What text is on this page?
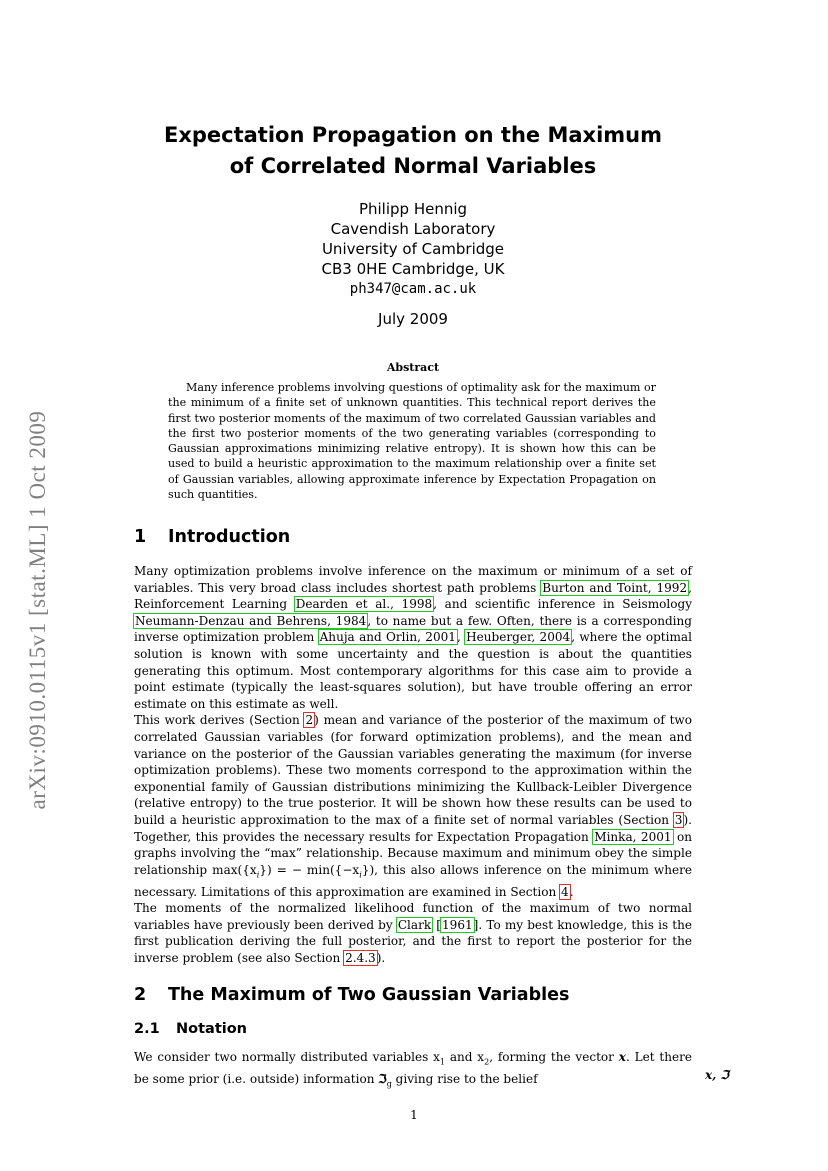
arXiv:0910.0115v1 [stat.ML] 1 Oct 2009
Expectation Propagation on the Maximum
of Correlated Normal Variables
Philipp Hennig
Cavendish Laboratory
University of Cambridge
CB3 0HE Cambridge, UK
ph347@cam.ac.uk
July 2009
Abstract

Many inference problems involving questions of optimality ask for the maximum or the minimum of a finite set of unknown quantities. This technical report derives the first two posterior moments of the maximum of two correlated Gaussian variables and the first two posterior moments of the two generating variables (corresponding to Gaussian approximations minimizing relative entropy). It is shown how this can be used to build a heuristic approximation to the maximum relationship over a finite set of Gaussian variables, allowing approximate inference by Expectation Propagation on such quantities.

1 Introduction

Many optimization problems involve inference on the maximum or minimum of a set of variables. This very broad class includes shortest path problems Burton and Toint, 1992, Reinforcement Learning Dearden et al., 1998, and scientific inference in Seismology Neumann-Denzau and Behrens, 1984, to name but a few. Often, there is a corresponding inverse optimization problem Ahuja and Orlin, 2001, Heuberger, 2004, where the optimal solution is known with some uncertainty and the question is about the quantities generating this optimum. Most contemporary algorithms for this case aim to provide a point estimate (typically the least-squares solution), but have trouble offering an error estimate on this estimate as well.

This work derives (Section 2) mean and variance of the posterior of the maximum of two correlated Gaussian variables (for forward optimization problems), and the mean and variance on the posterior of the Gaussian variables generating the maximum (for inverse optimization problems). These two moments correspond to the approximation within the exponential family of Gaussian distributions minimizing the Kullback-Leibler Divergence (relative entropy) to the true posterior. It will be shown how these results can be used to build a heuristic approximation to the max of a finite set of normal variables (Section 3). Together, this provides the necessary results for Expectation Propagation Minka, 2001 on graphs involving the “max” relationship. Because maximum and minimum obey the simple relationship $\max(\{x_i\})$ = − $\min(\{-x_i\})$, this also allows inference on the minimum where necessary. Limitations of this approximation are examined in Section 4.

The moments of the normalized likelihood function of the maximum of two normal variables have previously been derived by Clark [1961]. To my best knowledge, this is the first publication deriving the full posterior, and the first to report the posterior for the inverse problem (see also Section 2.4.3).

2 The Maximum of Two Gaussian Variables
2.1 Notation

We consider two normally distributed variables $x_1$ and $x_2$, forming the vector x. Let there be some prior (i.e. outside) information ℑ$_g$ giving rise to the belief	x, ℑ
1
